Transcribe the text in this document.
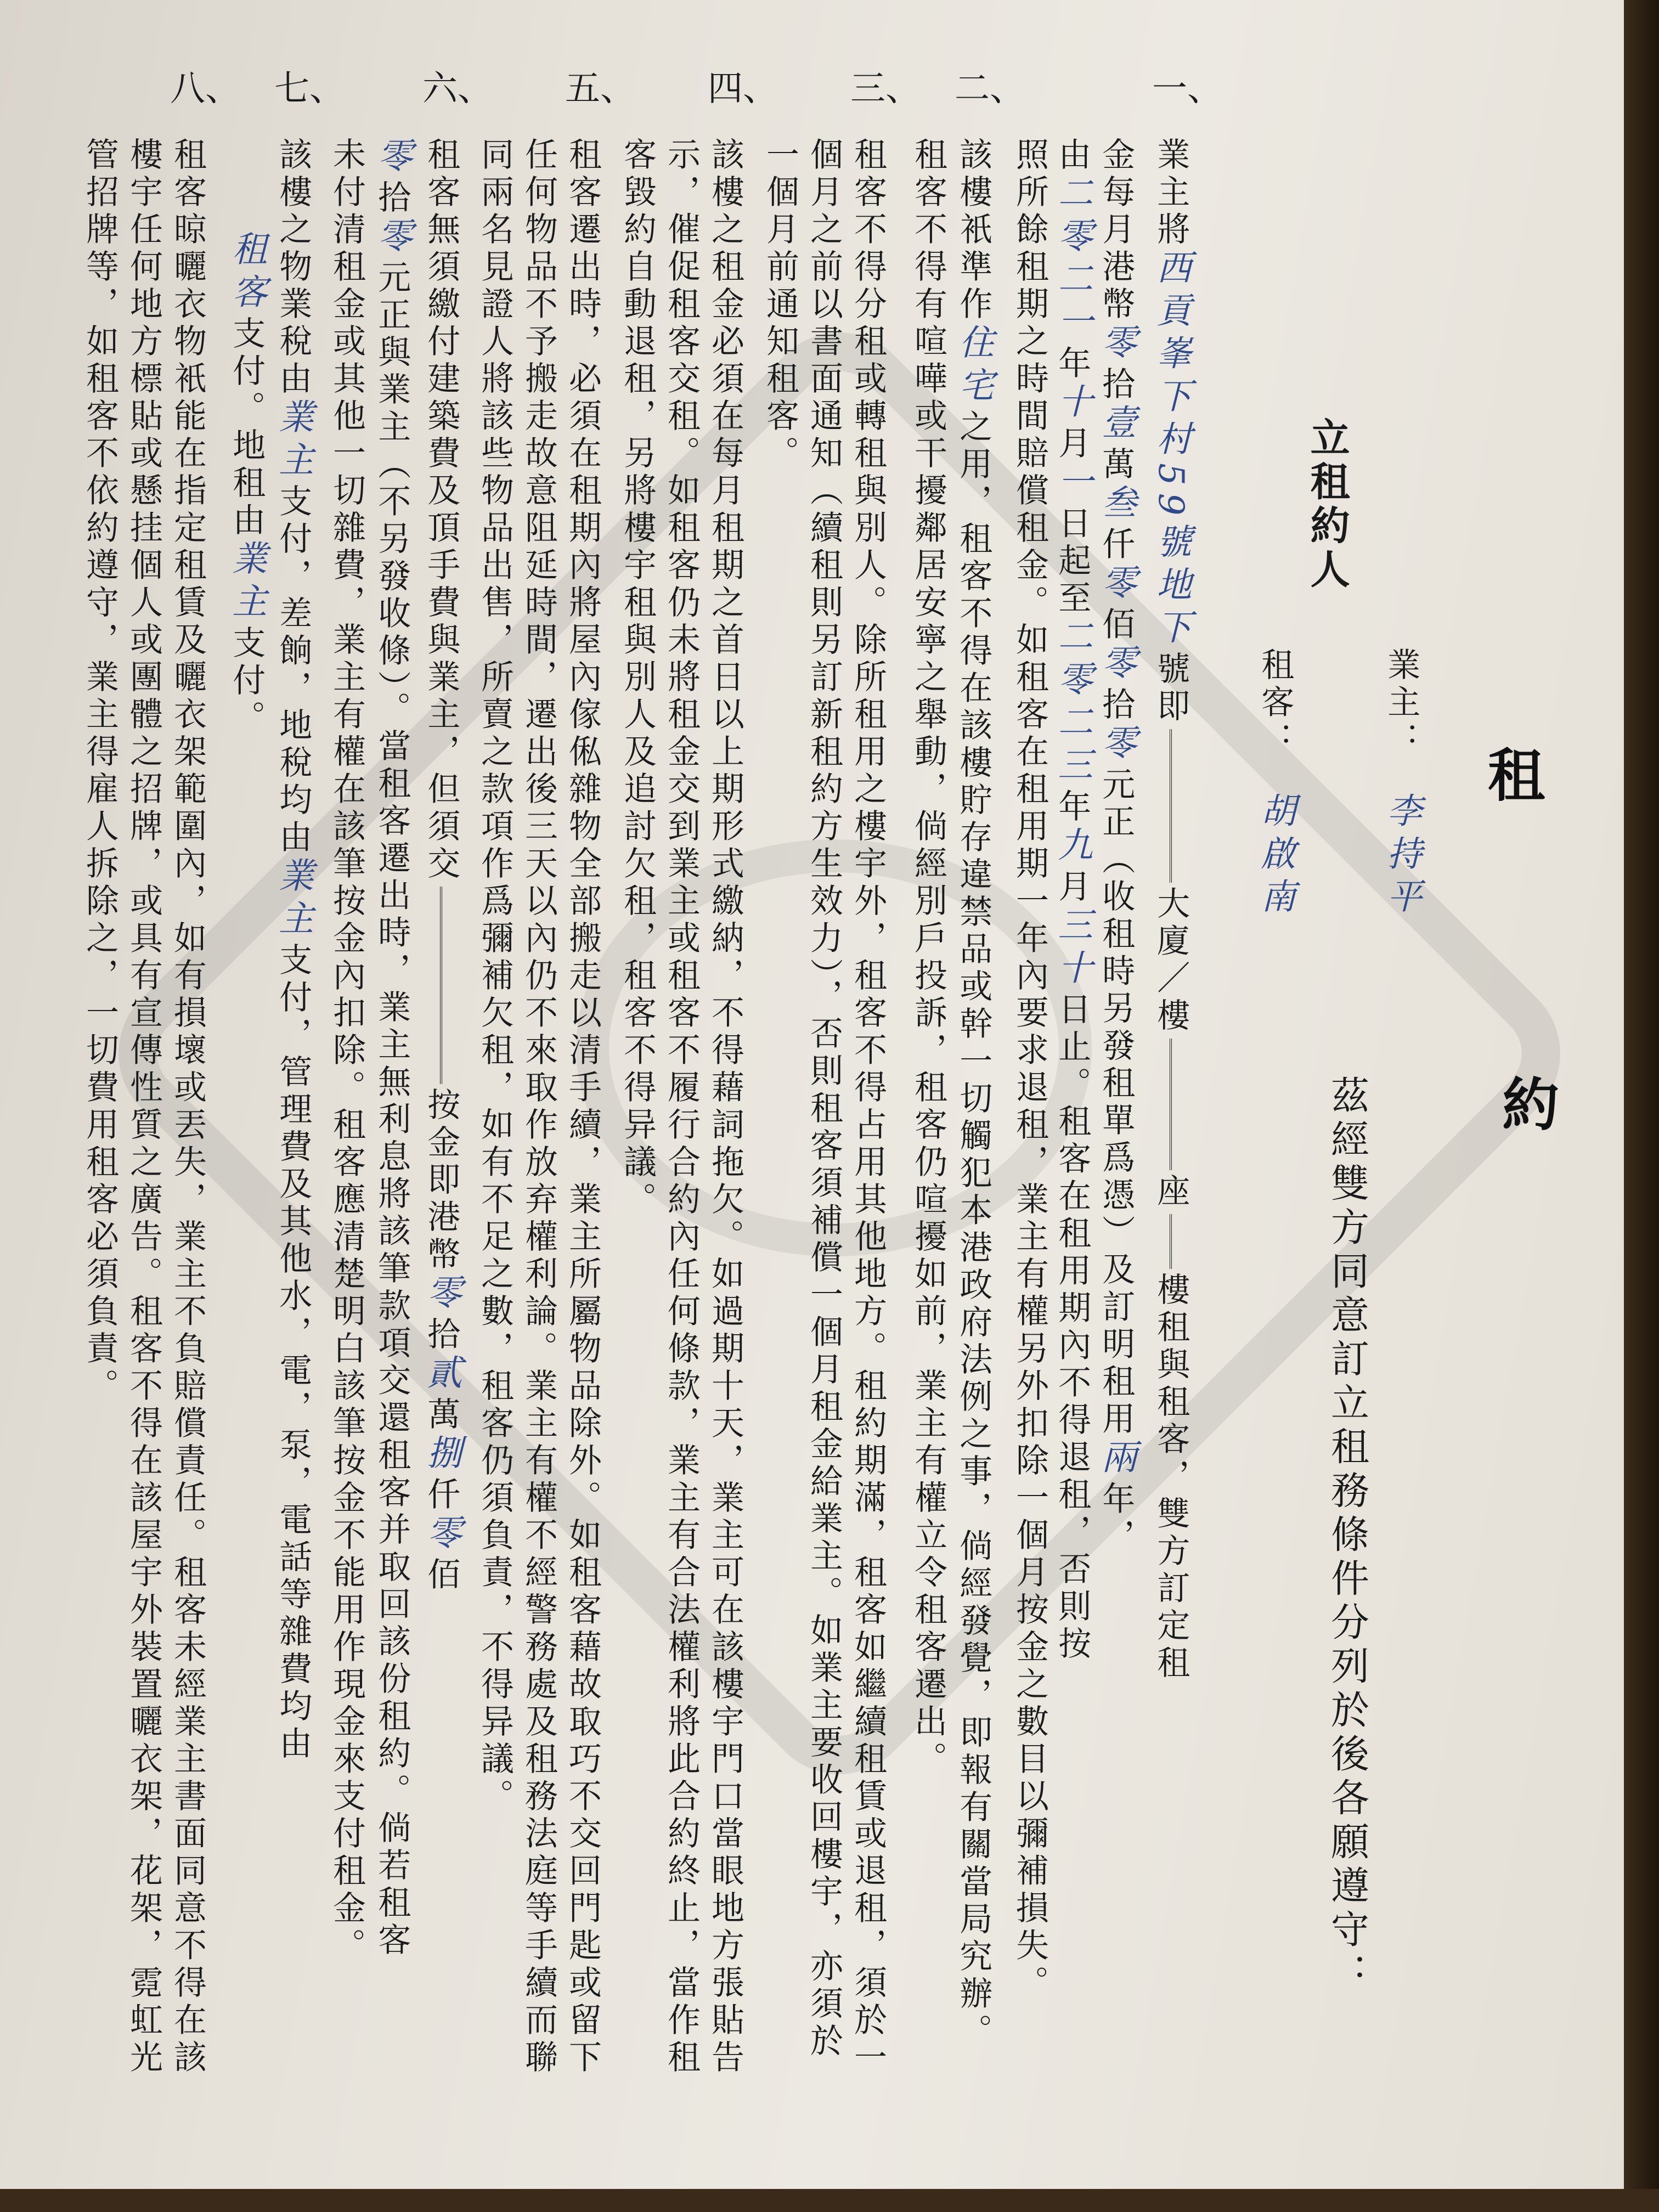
租
約
茲經雙方同意訂立租務條件分列於後各願遵守：
業主：李持平
租客：胡啟南
立租約人
一、
二、
三、
四、
五、
六、
七、
八、
業主將西貢峯下村59號地下號即大廈／樓座樓租與租客，雙方訂定租
金每月港幣零拾壹萬叁仟零佰零拾零元正（收租時另發租單爲憑）及訂明租用兩年，
由二零二一年十月一日起至二零二三年九月三十日止。租客在租用期內不得退租，否則按
照所餘租期之時間賠償租金。如租客在租用期一年內要求退租，業主有權另外扣除一個月按金之數目以彌補損失。
該樓衹準作住宅之用，租客不得在該樓貯存違禁品或幹一切觸犯本港政府法例之事，倘經發覺，即報有關當局究辦。
租客不得有喧嘩或干擾鄰居安寧之舉動，倘經別戶投訴，租客仍喧擾如前，業主有權立令租客遷出。
租客不得分租或轉租與別人。除所租用之樓宇外，租客不得占用其他地方。租約期滿，租客如繼續租賃或退租，須於一
個月之前以書面通知（續租則另訂新租約方生效力），否則租客須補償一個月租金給業主。如業主要收回樓宇，亦須於
一個月前通知租客。
該樓之租金必須在每月租期之首日以上期形式繳納，不得藉詞拖欠。如過期十天，業主可在該樓宇門口當眼地方張貼告
示，催促租客交租。如租客仍未將租金交到業主或租客不履行合約內任何條款，業主有合法權利將此合約終止，當作租
客毀約自動退租，另將樓宇租與別人及追討欠租，租客不得异議。
租客遷出時，必須在租期內將屋內傢俬雜物全部搬走以清手續，業主所屬物品除外。如租客藉故取巧不交回門匙或留下
任何物品不予搬走故意阻延時間，遷出後三天以內仍不來取作放弃權利論。業主有權不經警務處及租務法庭等手續而聯
同兩名見證人將該些物品出售，所賣之款項作爲彌補欠租，如有不足之數，租客仍須負責，不得异議。
租客無須繳付建築費及頂手費與業主，但須交按金即港幣零拾貳萬捌仟零佰
零拾零元正與業主（不另發收條）。當租客遷出時，業主無利息將該筆款項交還租客并取回該份租約。倘若租客
未付清租金或其他一切雜費，業主有權在該筆按金內扣除。租客應清楚明白該筆按金不能用作現金來支付租金。
該樓之物業稅由業主支付，差餉，地稅均由業主支付，管理費及其他水，電，泵，電話等雜費均由
租客支付。地租由業主支付。
租客晾曬衣物衹能在指定租賃及曬衣架範圍內，如有損壞或丟失，業主不負賠償責任。租客未經業主書面同意不得在該
樓宇任何地方標貼或懸挂個人或團體之招牌，或具有宣傳性質之廣告。租客不得在該屋宇外裝置曬衣架，花架，霓虹光
管招牌等，如租客不依約遵守，業主得雇人拆除之，一切費用租客必須負責。
